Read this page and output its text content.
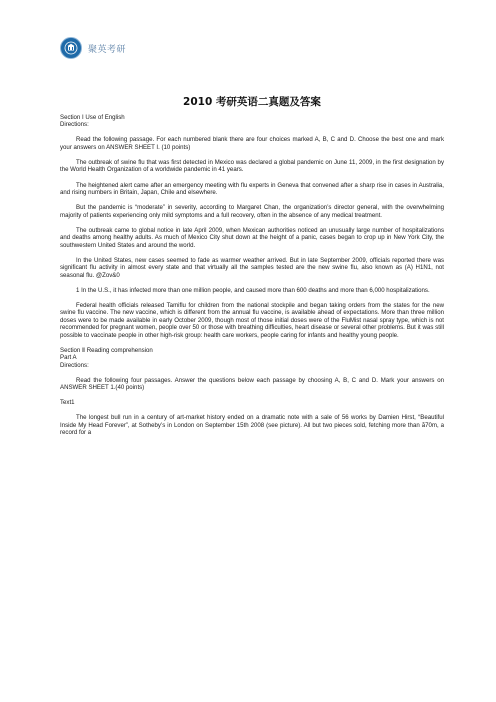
聚英考研
2010 考研英语二真题及答案

Section I Use of English

Directions:

Read the following passage. For each numbered blank there are four choices marked A, B, C and D. Choose the best one and mark your answers on ANSWER SHEET I. (10 points)

The outbreak of swine flu that was first detected in Mexico was declared a global pandemic on June 11, 2009, in the first designation by the World Health Organization of a worldwide pandemic in 41 years.

The heightened alert came after an emergency meeting with flu experts in Geneva that convened after a sharp rise in cases in Australia, and rising numbers in Britain, Japan, Chile and elsewhere.

But the pandemic is “moderate” in severity, according to Margaret Chan, the organization’s director general, with the overwhelming majority of patients experiencing only mild symptoms and a full recovery, often in the absence of any medical treatment.

The outbreak came to global notice in late April 2009, when Mexican authorities noticed an unusually large number of hospitalizations and deaths among healthy adults. As much of Mexico City shut down at the height of a panic, cases began to crop up in New York City, the southwestern United States and around the world.

In the United States, new cases seemed to fade as warmer weather arrived. But in late September 2009, officials reported there was significant flu activity in almost every state and that virtually all the samples tested are the new swine flu, also known as (A) H1N1, not seasonal flu. @Zov&0

1 In the U.S., it has infected more than one million people, and caused more than 600 deaths and more than 6,000 hospitalizations.

Federal health officials released Tamiflu for children from the national stockpile and began taking orders from the states for the new swine flu vaccine. The new vaccine, which is different from the annual flu vaccine, is available ahead of expectations. More than three million doses were to be made available in early October 2009, though most of those initial doses were of the FluMist nasal spray type, which is not recommended for pregnant women, people over 50 or those with breathing difficulties, heart disease or several other problems. But it was still possible to vaccinate people in other high-risk group: health care workers, people caring for infants and healthy young people.

Section Ⅱ Reading comprehension

Part A

Directions:

Read the following four passages. Answer the questions below each passage by choosing A, B, C and D. Mark your answers on ANSWER SHEET 1.(40 points)

Text1

The longest bull run in a century of art-market history ended on a dramatic note with a sale of 56 works by Damien Hirst, “Beautiful Inside My Head Forever”, at Sotheby’s in London on September 15th 2008 (see picture). All but two pieces sold, fetching more than ã70m, a record for a
